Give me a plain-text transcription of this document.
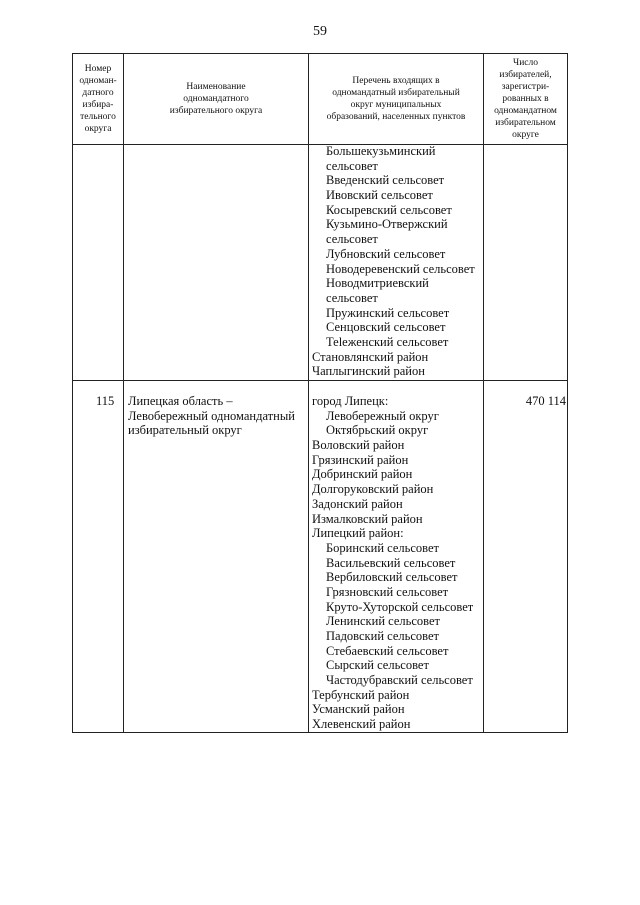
59
Номер
одноман-
датного
избира-
тельного
округа
Наименование
одномандатного
избирательного округа
Перечень входящих в
одномандатный избирательный
округ муниципальных
образований, населенных пунктов
Число
избирателей,
зарегистри-
рованных в
одномандатном
избирательном
округе
Большекузьминский
сельсовет
Введенский сельсовет
Ивовский сельсовет
Косыревский сельсовет
Кузьмино-Отвержский
сельсовет
Лубновский сельсовет
Новодеревенский сельсовет
Новодмитриевский
сельсовет
Пружинский сельсовет
Сенцовский сельсовет
Теleженский сельсовет
Становлянский район
Чаплыгинский район
115 Липецкая область –
Левобережный одномандатный
избирательный округ
город Липецк:
Левобережный округ
Октябрьский округ
Воловский район
Грязинский район
Добринский район
Долгоруковский район
Задонский район
Измалковский район
Липецкий район:
Боринский сельсовет
Васильевский сельсовет
Вербиловский сельсовет
Грязновский сельсовет
Круто-Хуторской сельсовет
Ленинский сельсовет
Падовский сельсовет
Стебаевский сельсовет
Сырский сельсовет
Частодубравский сельсовет
Тербунский район
Усманский район
Хлевенский район
470 114
